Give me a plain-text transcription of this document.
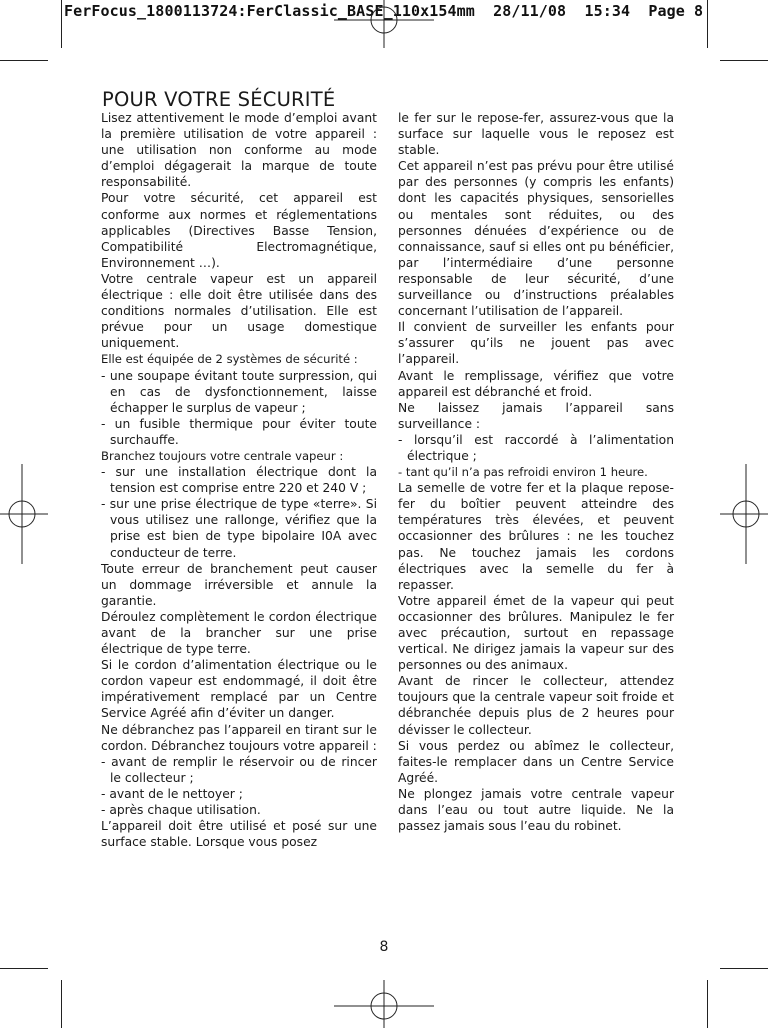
FerFocus_1800113724:FerClassic_BASE_110x154mm  28/11/08  15:34  Page 8
POUR VOTRE SÉCURITÉ

Lisez attentivement le mode d’emploi avant la première utilisation de votre appareil : une utilisation non conforme au mode d’emploi dégagerait la marque de toute responsabilité.

Pour votre sécurité, cet appareil est conforme aux normes et réglementations applicables (Directives Basse Tension, Compatibilité Electromagnétique, Environnement …).

Votre centrale vapeur est un appareil électrique : elle doit être utilisée dans des conditions normales d’utilisation. Elle est prévue pour un usage domestique uniquement.

Elle est équipée de 2 systèmes de sécurité :

- une soupape évitant toute surpression, qui en cas de dysfonctionnement, laisse échapper le surplus de vapeur ;

- un fusible thermique pour éviter toute surchauffe.

Branchez toujours votre centrale vapeur :

- sur une installation électrique dont la tension est comprise entre 220 et 240 V ;

- sur une prise électrique de type «terre». Si vous utilisez une rallonge, vérifiez que la prise est bien de type bipolaire I0A avec conducteur de terre.

Toute erreur de branchement peut causer un dommage irréversible et annule la garantie.

Déroulez complètement le cordon électrique avant de la brancher sur une prise électrique de type terre.

Si le cordon d’alimentation électrique ou le cordon vapeur est endommagé, il doit être impérativement remplacé par un Centre Service Agréé afin d’éviter un danger.

Ne débranchez pas l’appareil en tirant sur le cordon. Débranchez toujours votre appareil :

- avant de remplir le réservoir ou de rincer le collecteur ;

- avant de le nettoyer ;

- après chaque utilisation.

L’appareil doit être utilisé et posé sur une surface stable. Lorsque vous posez

le fer sur le repose-fer, assurez-vous que la surface sur laquelle vous le reposez est stable.

Cet appareil n’est pas prévu pour être utilisé par des personnes (y compris les enfants) dont les capacités physiques, sensorielles ou mentales sont réduites, ou des personnes dénuées d’expérience ou de connaissance, sauf si elles ont pu bénéficier, par l’intermédiaire d’une personne responsable de leur sécurité, d’une surveillance ou d’instructions préalables concernant l’utilisation de l’appareil.

Il convient de surveiller les enfants pour s’assurer qu’ils ne jouent pas avec l’appareil.

Avant le remplissage, vérifiez que votre appareil est débranché et froid.

Ne laissez jamais l’appareil sans surveillance :

- lorsqu’il est raccordé à l’alimentation électrique ;

- tant qu’il n’a pas refroidi environ 1 heure.

La semelle de votre fer et la plaque repose-fer du boîtier peuvent atteindre des températures très élevées, et peuvent occasionner des brûlures : ne les touchez pas. Ne touchez jamais les cordons électriques avec la semelle du fer à repasser.

Votre appareil émet de la vapeur qui peut occasionner des brûlures. Manipulez le fer avec précaution, surtout en repassage vertical. Ne dirigez jamais la vapeur sur des personnes ou des animaux.

Avant de rincer le collecteur, attendez toujours que la centrale vapeur soit froide et débranchée depuis plus de 2 heures pour dévisser le collecteur.

Si vous perdez ou abîmez le collecteur, faites-le remplacer dans un Centre Service Agréé.

Ne plongez jamais votre centrale vapeur dans l’eau ou tout autre liquide. Ne la passez jamais sous l’eau du robinet.

8
